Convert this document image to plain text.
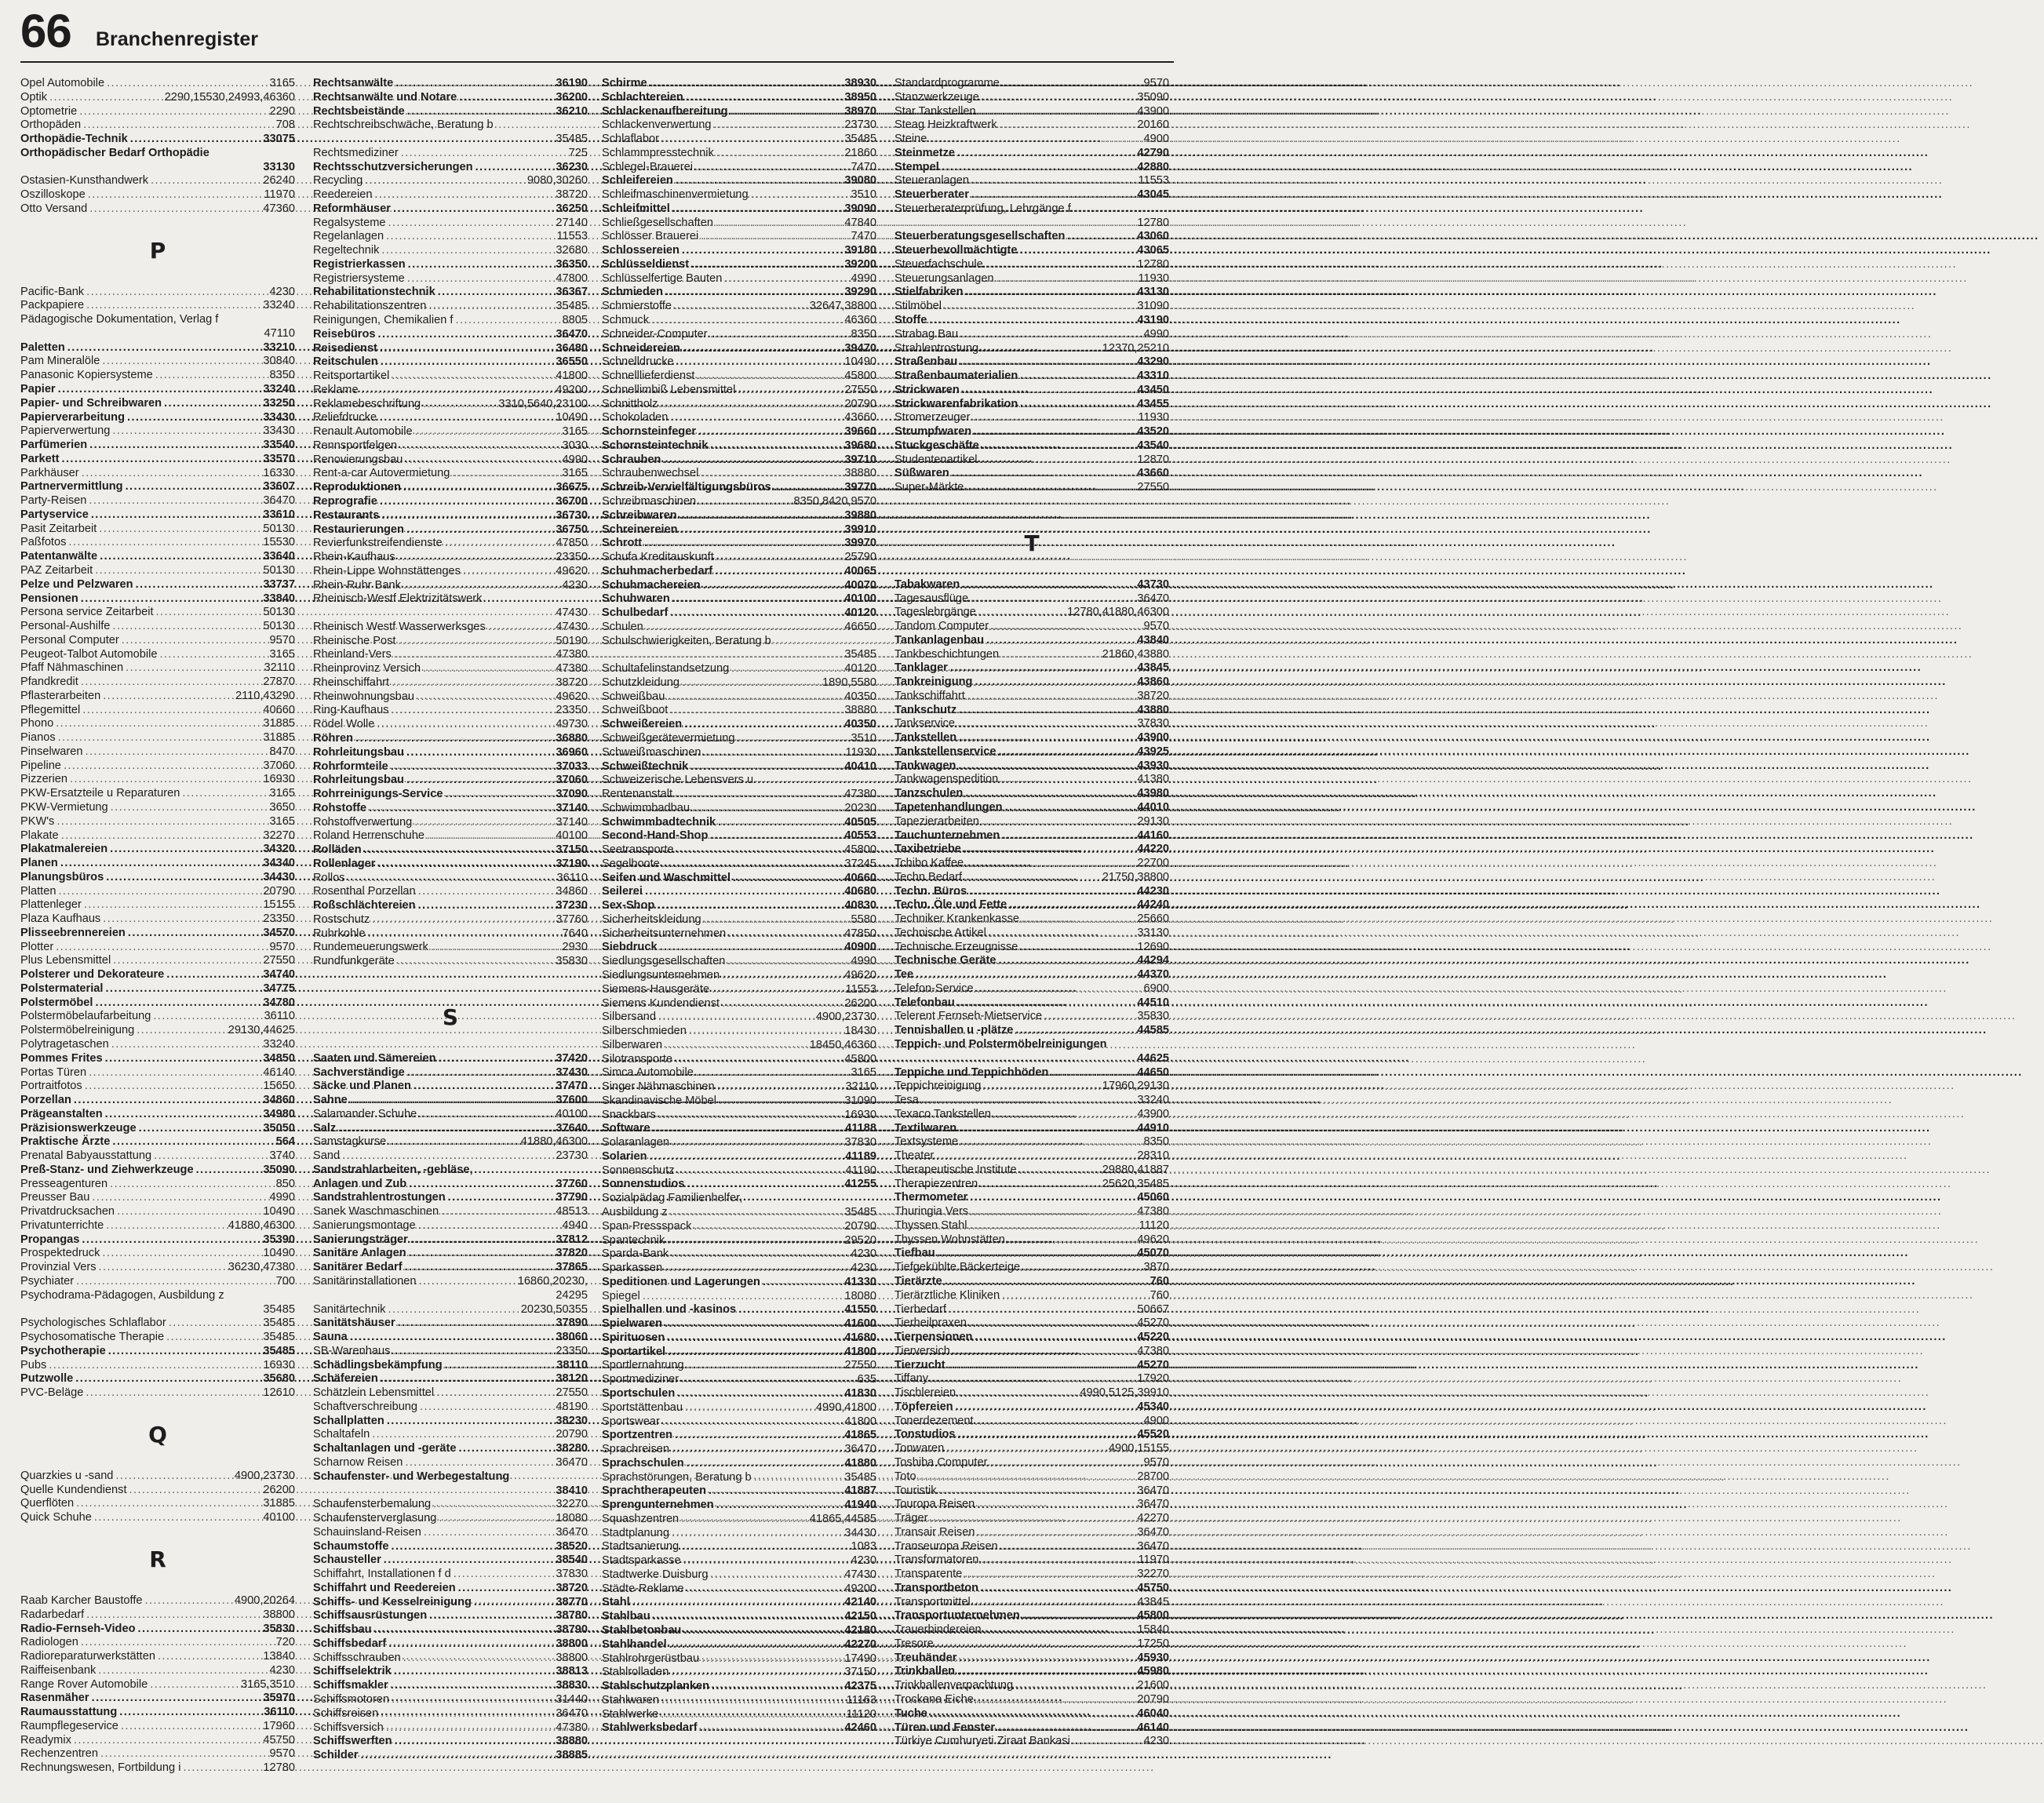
66 Branchenregister
Opel Automobile .....	3165
Optik .....	2290,15530,24993,46360
Optometrie .....	2290
Orthopäden .....	708
Orthopädie-Technik .....	33075
Orthopädischer Bedarf Orthopädie
33130
Ostasien-Kunsthandwerk .....	26240
Oszilloskope .....	11970
Otto Versand .....	47360
P
Pacific-Bank .....	4230
Packpapiere .....	33240
Pädagogische Dokumentation, Verlag f
47110
Paletten .....	33210
Pam Mineralöle .....	30840
Panasonic Kopiersysteme .....	8350
Papier .....	33240
Papier- und Schreibwaren .....	33250
Papierverarbeitung .....	33430
Papierverwertung .....	33430
Parfümerien .....	33540
Parkett .....	33570
Parkhäuser .....	16330
Partnervermittlung .....	33607
Party-Reisen .....	36470
Partyservice .....	33610
Pasit Zeitarbeit .....	50130
Paßfotos .....	15530
Patentanwälte .....	33640
PAZ Zeitarbeit .....	50130
Pelze und Pelzwaren .....	33737
Pensionen .....	33840
Persona service Zeitarbeit .....	50130
Personal-Aushilfe .....	50130
Personal Computer .....	9570
Peugeot-Talbot Automobile .....	3165
Pfaff Nähmaschinen .....	32110
Pfandkredit .....	27870
Pflasterarbeiten .....	2110,43290
Pflegemittel .....	40660
Phono .....	31885
Pianos .....	31885
Pinselwaren .....	8470
Pipeline .....	37060
Pizzerien .....	16930
PKW-Ersatzteile u Reparaturen .....	3165
PKW-Vermietung .....	3650
PKW's .....	3165
Plakate .....	32270
Plakatmalereien .....	34320
Planen .....	34340
Planungsbüros .....	34430
Platten .....	20790
Plattenleger .....	15155
Plaza Kaufhaus .....	23350
Plisseebrennereien .....	34570
Plotter .....	9570
Plus Lebensmittel .....	27550
Polsterer und Dekorateure .....	34740
Polstermaterial .....	34775
Polstermöbel .....	34780
Polstermöbelaufarbeitung .....	36110
Polstermöbelreinigung .....	29130,44625
Polytragetaschen .....	33240
Pommes Frites .....	34850
Portas Türen .....	46140
Portraitfotos .....	15650
Porzellan .....	34860
Prägeanstalten .....	34980
Präzisionswerkzeuge .....	35050
Praktische Ärzte .....	564
Prenatal Babyausstattung .....	3740
Preß-Stanz- und Ziehwerkzeuge .....	35090
Presseagenturen .....	850
Preusser Bau .....	4990
Privatdrucksachen .....	10490
Privatunterrichte .....	41880,46300
Propangas .....	35390
Prospektedruck .....	10490
Provinzial Vers .....	36230,47380
Psychiater .....	700
Psychodrama-Pädagogen, Ausbildung z
35485
Psychologisches Schlaflabor .....	35485
Psychosomatische Therapie .....	35485
Psychotherapie .....	35485
Pubs .....	16930
Putzwolle .....	35680
PVC-Beläge .....	12610
Q
Quarzkies u -sand .....	4900,23730
Quelle Kundendienst .....	26200
Querflöten .....	31885
Quick Schuhe .....	40100
R
Raab Karcher Baustoffe .....	4900,20264
Radarbedarf .....	38800
Radio-Fernseh-Video .....	35830
Radiologen .....	720
Radioreparaturwerkstätten .....	13840
Raiffeisenbank .....	4230
Range Rover Automobile .....	3165,3510
Rasenmäher .....	35970
Raumausstattung .....	36110
Raumpflegeservice .....	17960
Readymix .....	45750
Rechenzentren .....	9570
Rechnungswesen, Fortbildung i .....	12780
Rechtsanwälte .....	36190
Rechtsanwälte und Notare .....	36200
Rechtsbeistände .....	36210
Rechtschreibschwäche, Beratung b
35485
Rechtsmediziner .....	725
Rechtsschutzversicherungen .....	36230
Recycling .....	9080,30260
Reedereien .....	38720
Reformhäuser .....	36250
Regalsysteme .....	27140
Regelanlagen .....	11553
Regeltechnik .....	32680
Registrierkassen .....	36350
Registriersysteme .....	47800
Rehabilitationstechnik .....	36367
Rehabilitationszentren .....	35485
Reinigungen, Chemikalien f .....	8805
Reisebüros .....	36470
Reisedienst .....	36480
Reitschulen .....	36550
Reitsportartikel .....	41800
Reklame .....	49200
Reklamebeschriftung .....	3310,5640,23100
Reliefdrucke .....	10490
Renault Automobile .....	3165
Rennsportfelgen .....	3030
Renovierungsbau .....	4990
Rent-a-car Autovermietung .....	3165
Reproduktionen .....	36675
Reprografie .....	36700
Restaurants .....	36730
Restaurierungen .....	36750
Revierfunkstreifendienste .....	47850
Rhein-Kaufhaus .....	23350
Rhein-Lippe Wohnstättenges .....	49620
Rhein-Ruhr Bank .....	4230
Rheinisch-Westf Elektrizitätswerk
47430
Rheinisch Westf Wasserwerksges .....	47430
Rheinische Post .....	50190
Rheinland-Vers .....	47380
Rheinprovinz Versich .....	47380
Rheinschiffahrt .....	38720
Rheinwohnungsbau .....	49620
Ring-Kaufhaus .....	23350
Rödel Wolle .....	49730
Röhren .....	36880
Rohrleitungsbau .....	36960
Rohrformteile .....	37033
Rohrleitungsbau .....	37060
Rohrreinigungs-Service .....	37090
Rohstoffe .....	37140
Rohstoffverwertung .....	37140
Roland Herrenschuhe .....	40100
Rolläden .....	37150
Rollenlager .....	37190
Rollos .....	36110
Rosenthal Porzellan .....	34860
Roßschlächtereien .....	37230
Rostschutz .....	37760
Ruhrkohle .....	7640
Rundemeuerungswerk .....	2930
Rundfunkgeräte .....	35830
S
Saaten und Sämereien .....	37420
Sachverständige .....	37430
Säcke und Planen .....	37470
Sahne .....	37600
Salamander Schuhe .....	40100
Salz .....	37640
Samstagkurse .....	41880,46300
Sand .....	23730
Sandstrahlarbeiten, -gebläse,
Anlagen und Zub .....	37760
Sandstrahlentrostungen .....	37790
Sanek Waschmaschinen .....	48513
Sanierungsmontage .....	4940
Sanierungsträger .....	37812
Sanitäre Anlagen .....	37820
Sanitärer Bedarf .....	37865
Sanitärinstallationen .....	16860,20230,
24295
Sanitärtechnik .....	20230,50355
Sanitätshäuser .....	37890
Sauna .....	38060
SB-Warenhaus .....	23350
Schädlingsbekämpfung .....	38110
Schäfereien .....	38120
Schätzlein Lebensmittel .....	27550
Schaftverschreibung .....	48190
Schallplatten .....	38230
Schaltafeln .....	20790
Schaltanlagen und -geräte .....	38280
Scharnow Reisen .....	36470
Schaufenster- und Werbegestaltung
38410
Schaufensterbemalung .....	32270
Schaufensterverglasung .....	18080
Schauinsland-Reisen .....	36470
Schaumstoffe .....	38520
Schausteller .....	38540
Schiffahrt, Installationen f d .....	37830
Schiffahrt und Reedereien .....	38720
Schiffs- und Kesselreinigung .....	38770
Schiffsausrüstungen .....	38780
Schiffsbau .....	38790
Schiffsbedarf .....	38800
Schiffsschrauben .....	38800
Schiffselektrik .....	38813
Schiffsmakler .....	38830
Schiffsmotoren .....	31440
Schiffsreisen .....	36470
Schiffsversich .....	47380
Schiffswerften .....	38880
Schilder .....	38885
Schirme .....	38930
Schlachtereien .....	38950
Schlackenaufbereitung .....	38970
Schlackenverwertung .....	23730
Schlaflabor .....	35485
Schlammpresstechnik .....	21860
Schlegel-Brauerei .....	7470
Schleifereien .....	39080
Schleifmaschinenvermietung .....	3510
Schleifmittel .....	39090
Schließgesellschaften .....	47840
Schlösser Brauerei .....	7470
Schlossereien .....	39180
Schlüsseldienst .....	39200
Schlüsselfertige Bauten .....	4990
Schmieden .....	39290
Schmierstoffe .....	32647,38800
Schmuck .....	46360
Schneider-Computer .....	8350
Schneidereien .....	39470
Schnelldrucke .....	10490
Schnelllieferdienst .....	45800
Schnellimbiß Lebensmittel .....	27550
Schnittholz .....	20790
Schokoladen .....	43660
Schornsteinfeger .....	39660
Schornsteintechnik .....	39680
Schrauben .....	39710
Schraubenwechsel .....	38880
Schreib-Vervielfältigungsbüros .....	39770
Schreibmaschinen .....	8350,8420,9570
Schreibwaren .....	39880
Schreinereien .....	39910
Schrott .....	39970
Schufa Kreditauskunft .....	25790
Schuhmacherbedarf .....	40065
Schuhmachereien .....	40070
Schuhwaren .....	40100
Schulbedarf .....	40120
Schulen .....	46650
Schulschwierigkeiten, Beratung b
35485
Schultafelinstandsetzung .....	40120
Schutzkleidung .....	1890,5580
Schweißbau .....	40350
Schweißboot .....	38880
Schweißereien .....	40350
Schweißgerätevermietung .....	3510
Schweißmaschinen .....	11930
Schweißtechnik .....	40410
Schweizerische Lebensvers u
Rentenanstalt .....	47380
Schwimmbadbau .....	20230
Schwimmbadtechnik .....	40505
Second-Hand-Shop .....	40553
Seetransporte .....	45800
Segelboote .....	37245
Seifen und Waschmittel .....	40660
Seilerei .....	40680
Sex-Shop .....	40830
Sicherheitskleidung .....	5580
Sicherheitsunternehmen .....	47850
Siebdruck .....	40900
Siedlungsgesellschaften .....	4990
Siedlungsunternehmen .....	49620
Siemens-Hausgeräte .....	11553
Siemens Kundendienst .....	26200
Silbersand .....	4900,23730
Silberschmieden .....	18430
Silberwaren .....	18450,46360
Silotransporte .....	45800
Simca Automobile .....	3165
Singer Nähmaschinen .....	32110
Skandinavische Möbel .....	31090
Snackbars .....	16930
Software .....	41188
Solaranlagen .....	37830
Solarien .....	41189
Sonnenschutz .....	41190
Sonnenstudios .....	41255
Sozialpädag Familienhelfer,
Ausbildung z .....	35485
Span-Pressspack .....	20790
Spantechnik .....	29520
Sparda-Bank .....	4230
Sparkassen .....	4230
Speditionen und Lagerungen .....	41330
Spiegel .....	18080
Spielhallen und -kasinos .....	41550
Spielwaren .....	41600
Spirituosen .....	41680
Sportartikel .....	41800
Sportlernahrung .....	27550
Sportmediziner .....	635
Sportschulen .....	41830
Sportstättenbau .....	4990,41800
Sportswear .....	41800
Sportzentren .....	41865
Sprachreisen .....	36470
Sprachschulen .....	41880
Sprachstörungen, Beratung b .....	35485
Sprachtherapeuten .....	41887
Sprengunternehmen .....	41940
Squashzentren .....	41865,44585
Stadtplanung .....	34430
Stadtsanierung .....	1083
Stadtsparkasse .....	4230
Stadtwerke Duisburg .....	47430
Städte-Reklame .....	49200
Stahl .....	42140
Stahlbau .....	42150
Stahlbetonbau .....	42180
Stahlhandel .....	42270
Stahlrohrgerüstbau .....	17490
Stahlrolladen .....	37150
Stahlschutzplanken .....	42375
Stahlwaren .....	11163
Stahlwerke .....	11120
Stahlwerksbedarf .....	42460
Standardprogramme .....	9570
Stanzwerkzeuge .....	35090
Star Tankstellen .....	43900
Steag Heizkraftwerk .....	20160
Steine .....	4900
Steinmetze .....	42790
Stempel .....	42880
Steueranlagen .....	11553
Steuerberater .....	43045
Steuerberaterprüfung, Lehrgänge f
12780
Steuerberatungsgesellschaften .....	43060
Steuerbevollmächtigte .....	43065
Steuerfachschule .....	12780
Steuerungsanlagen .....	11930
Stielfabriken .....	43130
Stilmöbel .....	31090
Stoffe .....	43190
Strabag Bau .....	4990
Strahlentrostung .....	12370,25210
Straßenbau .....	43290
Straßenbaumaterialien .....	43310
Strickwaren .....	43450
Strickwarenfabrikation .....	43455
Stromerzeuger .....	11930
Strumpfwaren .....	43520
Stuckgeschäfte .....	43540
Studentenartikel .....	12870
Süßwaren .....	43660
Super-Märkte .....	27550
T
Tabakwaren .....	43730
Tagesausflüge .....	36470
Tageslehrgänge .....	12780,41880,46300
Tandom Computer .....	9570
Tankanlagenbau .....	43840
Tankbeschichtungen .....	21860,43880
Tanklager .....	43845
Tankreinigung .....	43860
Tankschiffahrt .....	38720
Tankschutz .....	43880
Tankservice .....	37830
Tankstellen .....	43900
Tankstellenservice .....	43925
Tankwagen .....	43930
Tankwagenspedition .....	41380
Tanzschulen .....	43980
Tapetenhandlungen .....	44010
Tapezierarbeiten .....	29130
Tauchunternehmen .....	44160
Taxibetriebe .....	44220
Tchibo Kaffee .....	22700
Techn Bedarf .....	21750,38800
Techn. Büros .....	44230
Techn. Öle und Fette .....	44240
Techniker Krankenkasse .....	25660
Technische Artikel .....	33130
Technische Erzeugnisse .....	12690
Technische Geräte .....	44294
Tee .....	44370
Telefon-Service .....	6900
Telefonbau .....	44510
Telerent Fernseh-Mietservice .....	35830
Tennishallen u -plätze .....	44585
Teppich- und Polstermöbelreinigungen
44625
Teppiche und Teppichböden .....	44650
Teppichreinigung .....	17960,29130
Tesa .....	33240
Texaco Tankstellen .....	43900
Textilwaren .....	44910
Textsysteme .....	8350
Theater .....	28310
Therapeutische Institute .....	29880,41887
Therapiezentren .....	25620,35485
Thermometer .....	45060
Thuringia Vers .....	47380
Thyssen Stahl .....	11120
Thyssen Wohnstätten .....	49620
Tiefbau .....	45070
Tiefgekühlte Bäckerteige .....	3870
Tierärzte .....	760
Tierärztliche Kliniken .....	760
Tierbedarf .....	50667
Tierheilpraxen .....	45270
Tierpensionen .....	45220
Tierversich .....	47380
Tierzucht .....	45270
Tiffany .....	17920
Tischlereien .....	4990,5125,39910
Töpfereien .....	45340
Tonerdezement .....	4900
Tonstudios .....	45520
Tonwaren .....	4900,15155
Toshiba Computer .....	9570
Toto .....	28700
Touristik .....	36470
Touropa Reisen .....	36470
Träger .....	42270
Transair Reisen .....	36470
Transeuropa Reisen .....	36470
Transformatoren .....	11970
Transparente .....	32270
Transportbeton .....	45750
Transportmittel .....	43845
Transportunternehmen .....	45800
Trauerbindereien .....	15840
Tresore .....	17250
Treuhänder .....	45930
Trinkhallen .....	45980
Trinkhallenverpachtung .....	21600
Trockene Eiche .....	20790
Tuche .....	46040
Türen und Fenster .....	46140
Türkiye Cumhuryeti Ziraat Bankasi .....	4230
